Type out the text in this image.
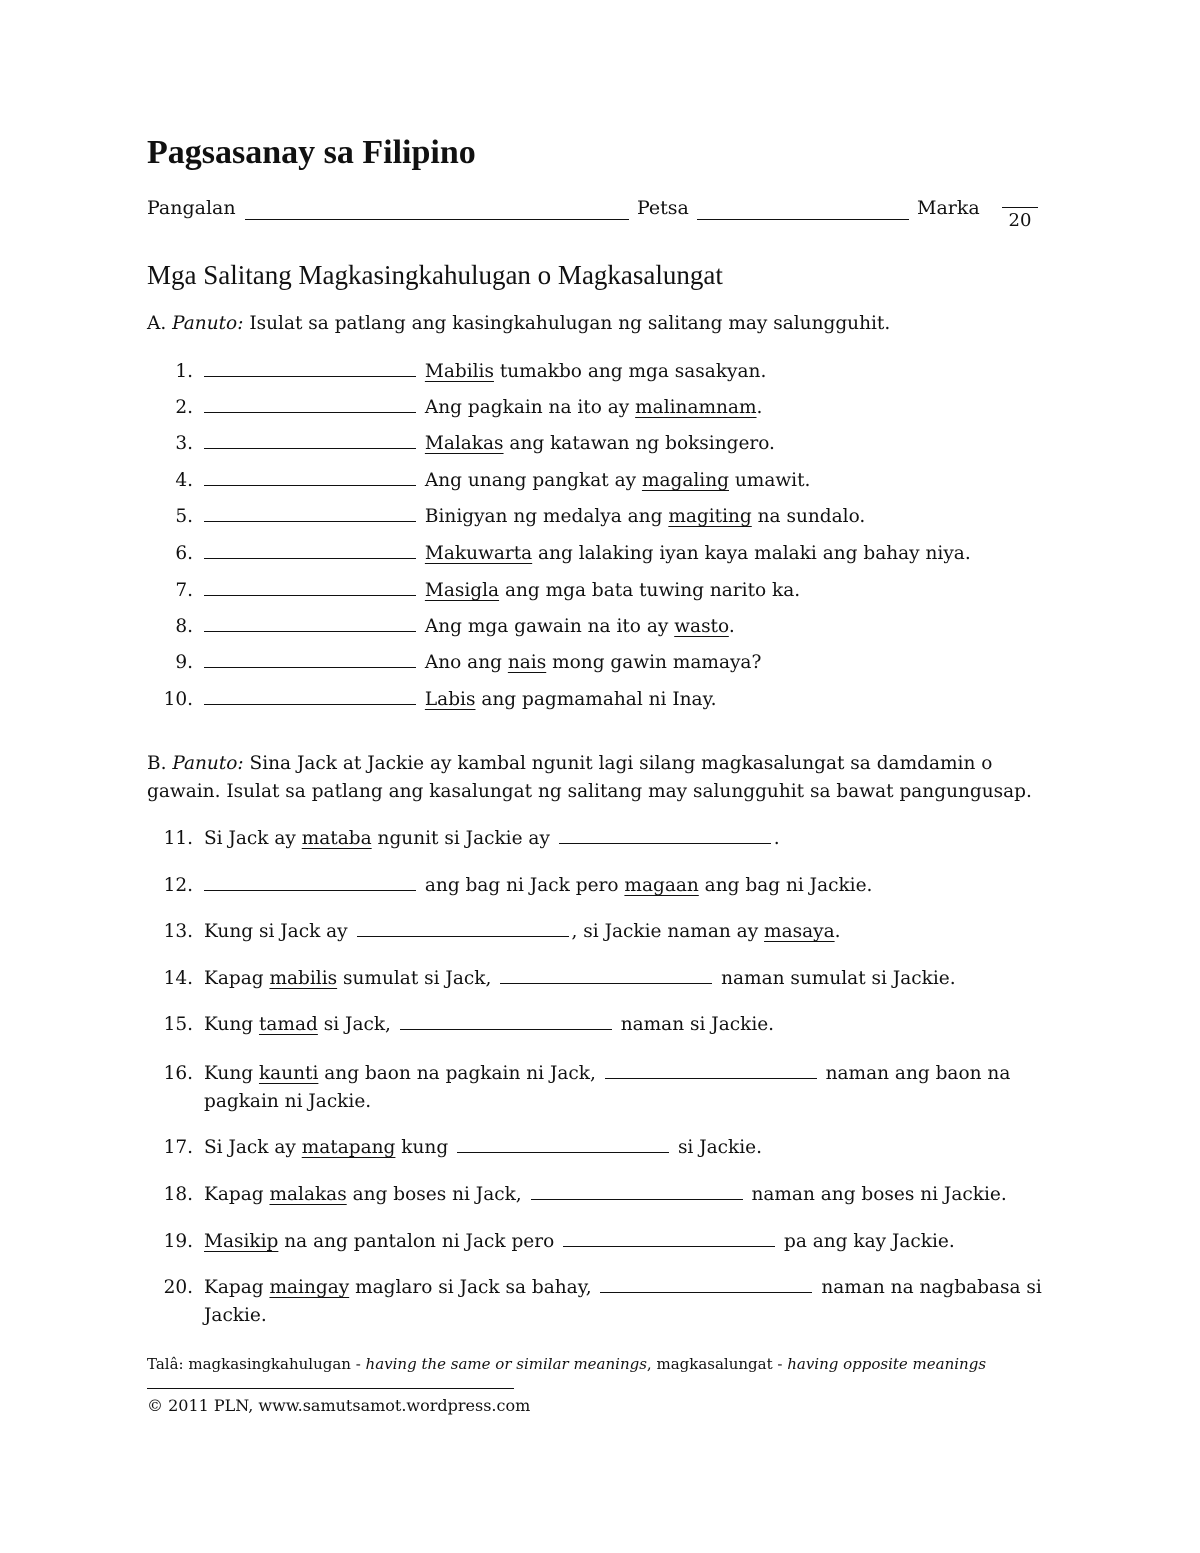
Pagsasanay sa Filipino
Pangalan	Petsa	Marka
20
Mga Salitang Magkasingkahulugan o Magkasalungat
A. Panuto: Isulat sa patlang ang kasingkahulugan ng salitang may salungguhit.
1.	Mabilis tumakbo ang mga sasakyan.
2.	Ang pagkain na ito ay malinamnam.
3.	Malakas ang katawan ng boksingero.
4.	Ang unang pangkat ay magaling umawit.
5.	Binigyan ng medalya ang magiting na sundalo.
6.	Makuwarta ang lalaking iyan kaya malaki ang bahay niya.
7.	Masigla ang mga bata tuwing narito ka.
8.	Ang mga gawain na ito ay wasto.
9.	Ano ang nais mong gawin mamaya?
10.	Labis ang pagmamahal ni Inay.
B. Panuto: Sina Jack at Jackie ay kambal ngunit lagi silang magkasalungat sa damdamin o gawain. Isulat sa patlang ang kasalungat ng salitang may salungguhit sa bawat pangungusap.
11. Si Jack ay mataba ngunit si Jackie ay	.
12.	ang bag ni Jack pero magaan ang bag ni Jackie.
13. Kung si Jack ay	, si Jackie naman ay masaya.
14. Kapag mabilis sumulat si Jack,	naman sumulat si Jackie.
15. Kung tamad si Jack,	naman si Jackie.
16. Kung kaunti ang baon na pagkain ni Jack,	naman ang baon na pagkain ni Jackie.
17. Si Jack ay matapang kung	si Jackie.
18. Kapag malakas ang boses ni Jack,	naman ang boses ni Jackie.
19. Masikip na ang pantalon ni Jack pero	pa ang kay Jackie.
20. Kapag maingay maglaro si Jack sa bahay,	naman na nagbabasa si Jackie.
Talâ: magkasingkahulugan - having the same or similar meanings, magkasalungat - having opposite meanings
© 2011 PLN, www.samutsamot.wordpress.com
